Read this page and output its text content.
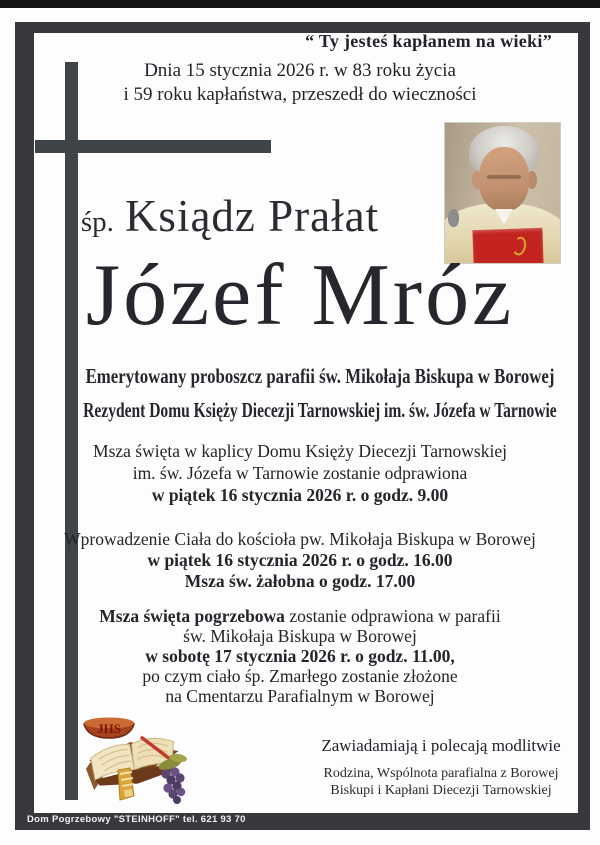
“ Ty jesteś kapłanem na wieki”
Dnia 15 stycznia 2026 r. w 83 roku życia
i 59 roku kapłaństwa, przeszedł do wieczności
śp. Ksiądz Prałat
Józef Mróz
Emerytowany proboszcz parafii św. Mikołaja Biskupa w Borowej
Rezydent Domu Księży Diecezji Tarnowskiej im. św. Józefa w Tarnowie
Msza święta w kaplicy Domu Księży Diecezji Tarnowskiej
im. św. Józefa w Tarnowie zostanie odprawiona
w piątek 16 stycznia 2026 r. o godz. 9.00
Wprowadzenie Ciała do kościoła pw. Mikołaja Biskupa w Borowej
w piątek 16 stycznia 2026 r. o godz. 16.00
Msza św. żałobna o godz. 17.00
Msza święta pogrzebowa zostanie odprawiona w parafii
św. Mikołaja Biskupa w Borowej
w sobotę 17 stycznia 2026 r. o godz. 11.00,
po czym ciało śp. Zmarłego zostanie złożone
na Cmentarzu Parafialnym w Borowej
JHS
Zawiadamiają i polecają modlitwie
Rodzina, Wspólnota parafialna z Borowej
Biskupi i Kapłani Diecezji Tarnowskiej
Dom Pogrzebowy "STEINHOFF" tel. 621 93 70
